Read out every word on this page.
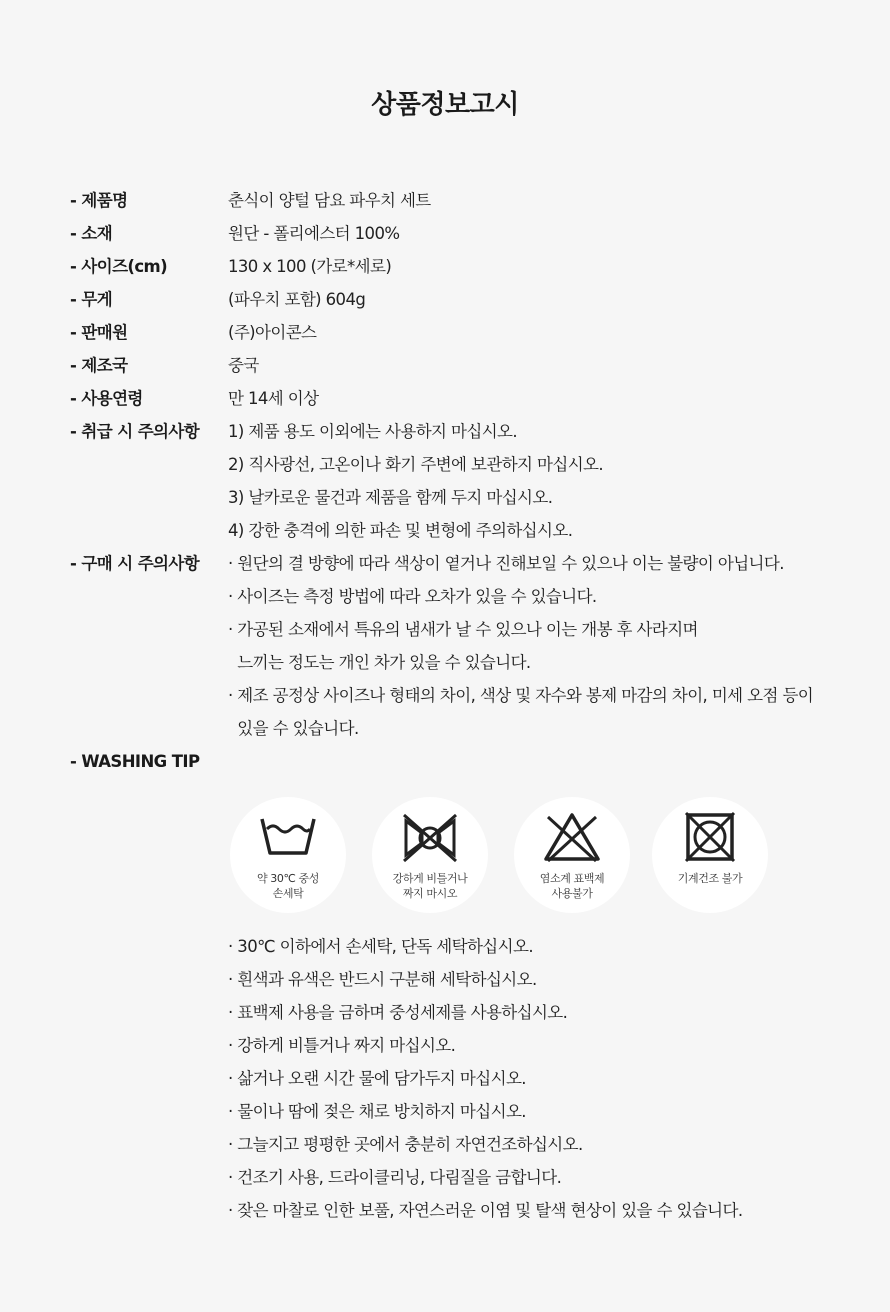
상품정보고시
- 제품명	춘식이 양털 담요 파우치 세트
- 소재	원단 - 폴리에스터 100%
- 사이즈(cm)	130 x 100 (가로*세로)
- 무게	(파우치 포함) 604g
- 판매원	(주)아이콘스
- 제조국	중국
- 사용연령	만 14세 이상
- 취급 시 주의사항	1) 제품 용도 이외에는 사용하지 마십시오.
2) 직사광선, 고온이나 화기 주변에 보관하지 마십시오.
3) 날카로운 물건과 제품을 함께 두지 마십시오.
4) 강한 충격에 의한 파손 및 변형에 주의하십시오.
- 구매 시 주의사항	· 원단의 결 방향에 따라 색상이 옅거나 진해보일 수 있으나 이는 불량이 아닙니다.
· 사이즈는 측정 방법에 따라 오차가 있을 수 있습니다.
· 가공된 소재에서 특유의 냄새가 날 수 있으나 이는 개봉 후 사라지며
느끼는 정도는 개인 차가 있을 수 있습니다.
· 제조 공정상 사이즈나 형태의 차이, 색상 및 자수와 봉제 마감의 차이, 미세 오점 등이
있을 수 있습니다.
- WASHING TIP
약 30℃ 중성
손세탁
강하게 비틀거나
짜지 마시오
염소계 표백제
사용불가
기계건조 불가

· 30℃ 이하에서 손세탁, 단독 세탁하십시오.
· 흰색과 유색은 반드시 구분해 세탁하십시오.
· 표백제 사용을 금하며 중성세제를 사용하십시오.
· 강하게 비틀거나 짜지 마십시오.
· 삶거나 오랜 시간 물에 담가두지 마십시오.
· 물이나 땀에 젖은 채로 방치하지 마십시오.
· 그늘지고 평평한 곳에서 충분히 자연건조하십시오.
· 건조기 사용, 드라이클리닝, 다림질을 금합니다.
· 잦은 마찰로 인한 보풀, 자연스러운 이염 및 탈색 현상이 있을 수 있습니다.
